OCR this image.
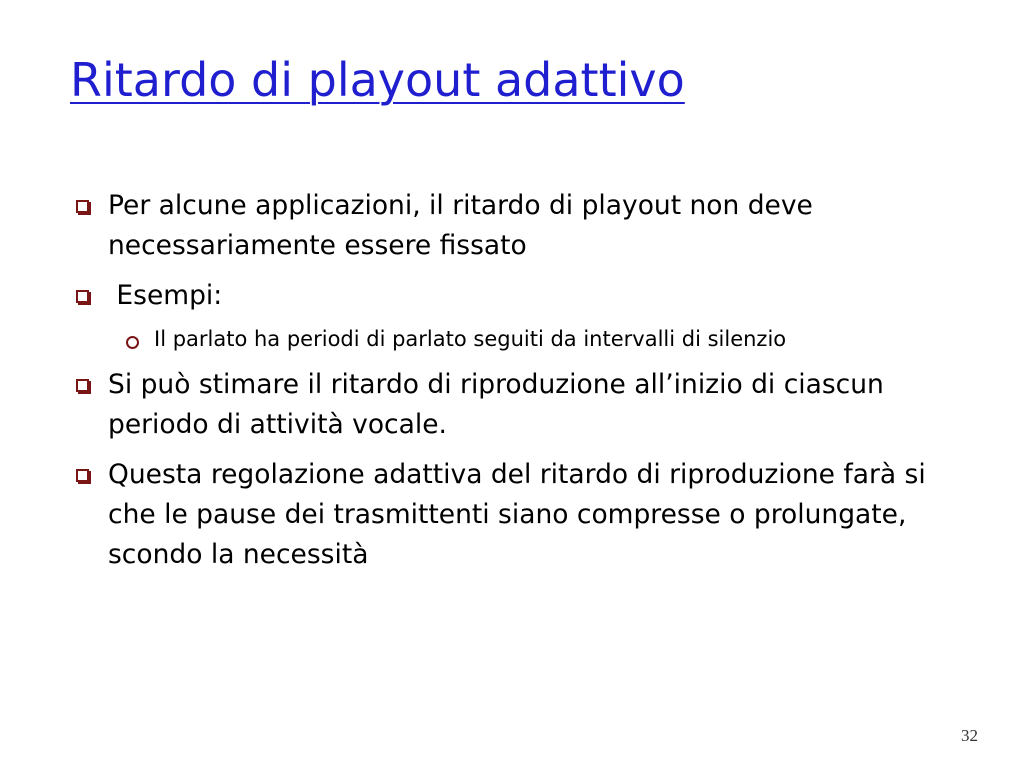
Ritardo di playout adattivo
Per alcune applicazioni, il ritardo di playout non deve necessariamente essere fissato
Esempi:
Il parlato ha periodi di parlato seguiti da intervalli di silenzio
Si può stimare il ritardo di riproduzione all’inizio di ciascun periodo di attività vocale.
Questa regolazione adattiva del ritardo di riproduzione farà si che le pause dei trasmittenti siano compresse o prolungate, scondo la necessità
32
